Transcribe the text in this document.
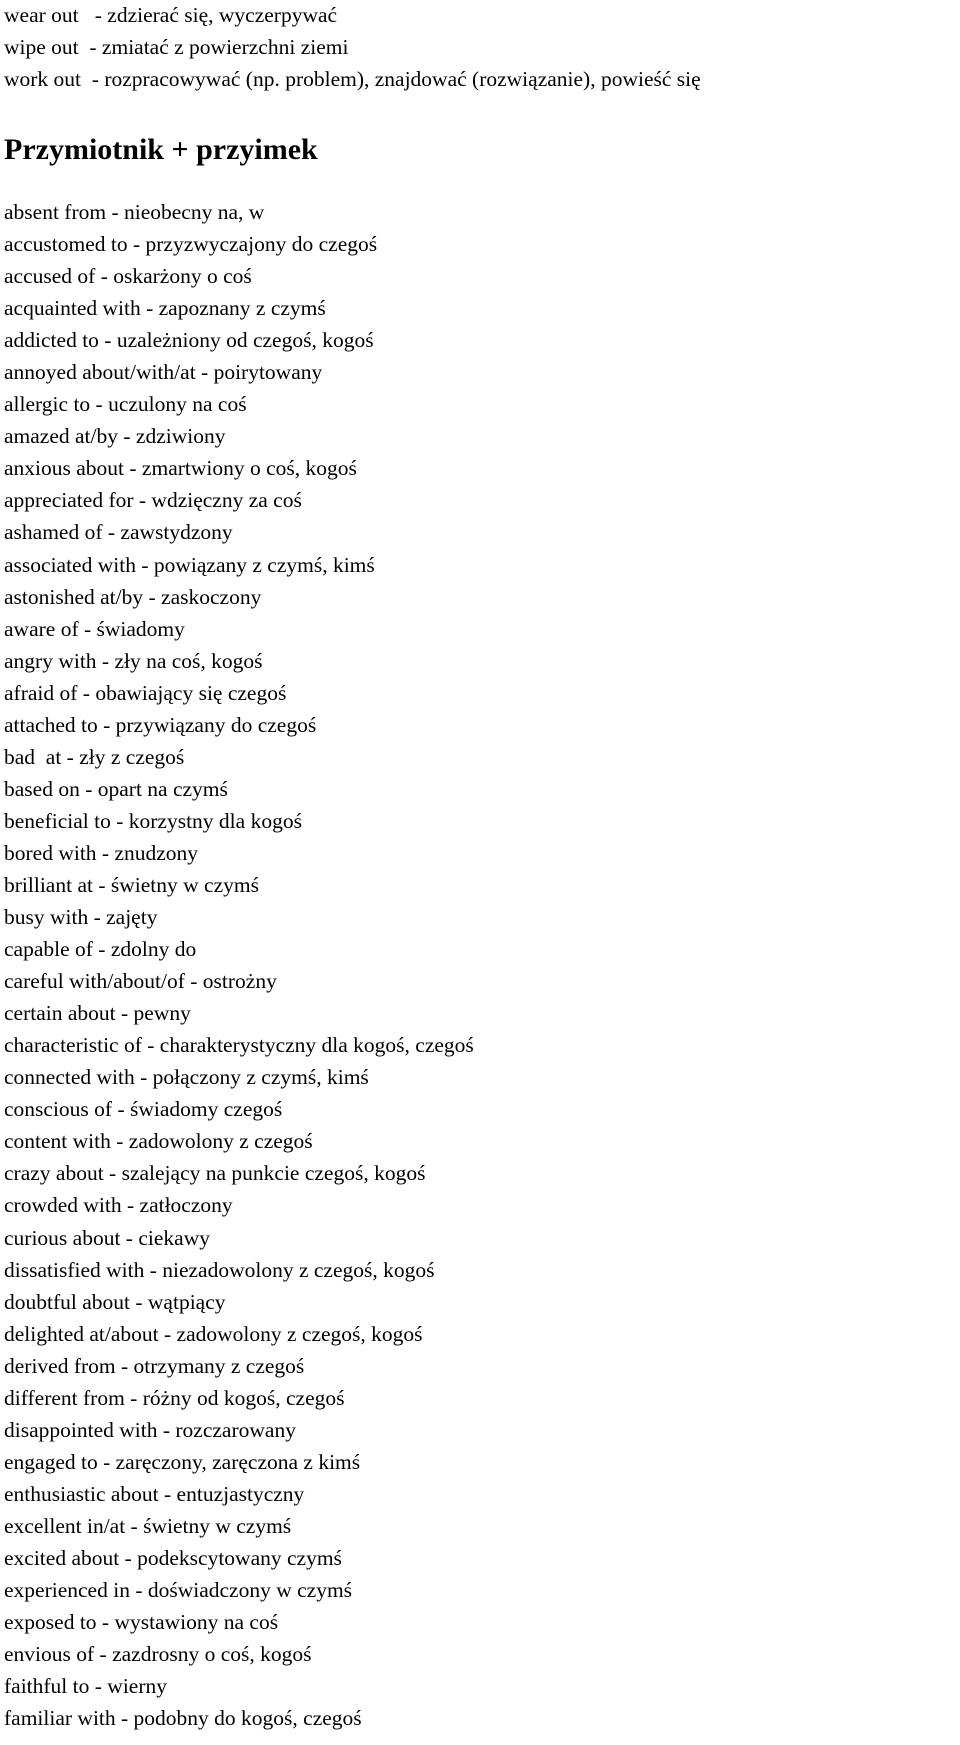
wear out   - zdzierać się, wyczerpywać
wipe out  - zmiatać z powierzchni ziemi
work out  - rozpracowywać (np. problem), znajdować (rozwiązanie), powieść się
Przymiotnik + przyimek
absent from - nieobecny na, w
accustomed to - przyzwyczajony do czegoś
accused of - oskarżony o coś
acquainted with - zapoznany z czymś
addicted to - uzależniony od czegoś, kogoś
annoyed about/with/at - poirytowany
allergic to - uczulony na coś
amazed at/by - zdziwiony
anxious about - zmartwiony o coś, kogoś
appreciated for - wdzięczny za coś
ashamed of - zawstydzony
associated with - powiązany z czymś, kimś
astonished at/by - zaskoczony
aware of - świadomy
angry with - zły na coś, kogoś
afraid of - obawiający się czegoś
attached to - przywiązany do czegoś
bad  at - zły z czegoś
based on - opart na czymś
beneficial to - korzystny dla kogoś
bored with - znudzony
brilliant at - świetny w czymś
busy with - zajęty
capable of - zdolny do
careful with/about/of - ostrożny
certain about - pewny
characteristic of - charakterystyczny dla kogoś, czegoś
connected with - połączony z czymś, kimś
conscious of - świadomy czegoś
content with - zadowolony z czegoś
crazy about - szalejący na punkcie czegoś, kogoś
crowded with - zatłoczony
curious about - ciekawy
dissatisfied with - niezadowolony z czegoś, kogoś
doubtful about - wątpiący
delighted at/about - zadowolony z czegoś, kogoś
derived from - otrzymany z czegoś
different from - różny od kogoś, czegoś
disappointed with - rozczarowany
engaged to - zaręczony, zaręczona z kimś
enthusiastic about - entuzjastyczny
excellent in/at - świetny w czymś
excited about - podekscytowany czymś
experienced in - doświadczony w czymś
exposed to - wystawiony na coś
envious of - zazdrosny o coś, kogoś
faithful to - wierny
familiar with - podobny do kogoś, czegoś
